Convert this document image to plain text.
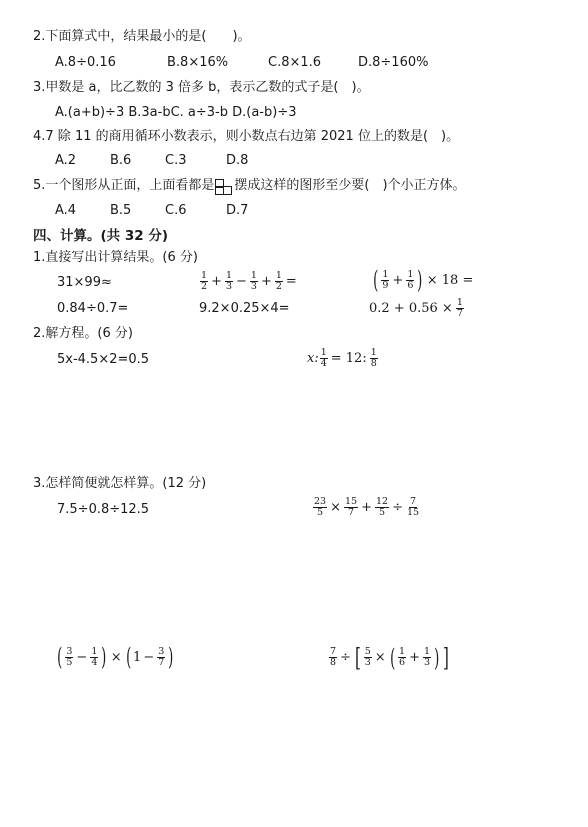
2.下面算式中，结果最小的是(　　)。
A.8÷0.16	B.8×16%	C.8×1.6	D.8÷160%
3.甲数是 a，比乙数的 3 倍多 b，表示乙数的式子是(　)。
A.(a+b)÷3 B.3a-bC. a÷3-b D.(a-b)÷3
4.7 除 11 的商用循环小数表示，则小数点右边第 2021 位上的数是(　)。
A.2	B.6	C.3	D.8
5.一个图形从正面，上面看都是 摆成这样的图形至少要(　)个小正方体。
A.4	B.5	C.6	D.7
四、计算。(共 32 分)
1.直接写出计算结果。(6 分)
31×99≈	$\frac{1}{2} + \frac{1}{3} - \frac{1}{3} + \frac{1}{2}$ =	( $\frac{1}{9} + \frac{1}{6}$ ) × 18 =
0.84÷0.7=	9.2×0.25×4=	$0.2 + 0.56 \times \frac{1}{7}$
2.解方程。(6 分)
5x-4.5×2=0.5	x: $\frac{1}{4} = 12$: $\frac{1}{8}$
3.怎样简便就怎样算。(12 分)
7.5÷0.8÷12.5	$\frac{23}{5} \times \frac{15}{7} + \frac{12}{5} \div \frac{7}{15}$
( $\frac{3}{5} - \frac{1}{4}$ ) × ( $1 - \frac{3}{7}$ )	$\frac{7}{8}$ ÷ [ $\frac{5}{3}$ × ( $\frac{1}{6} + \frac{1}{3}$ ) ]
